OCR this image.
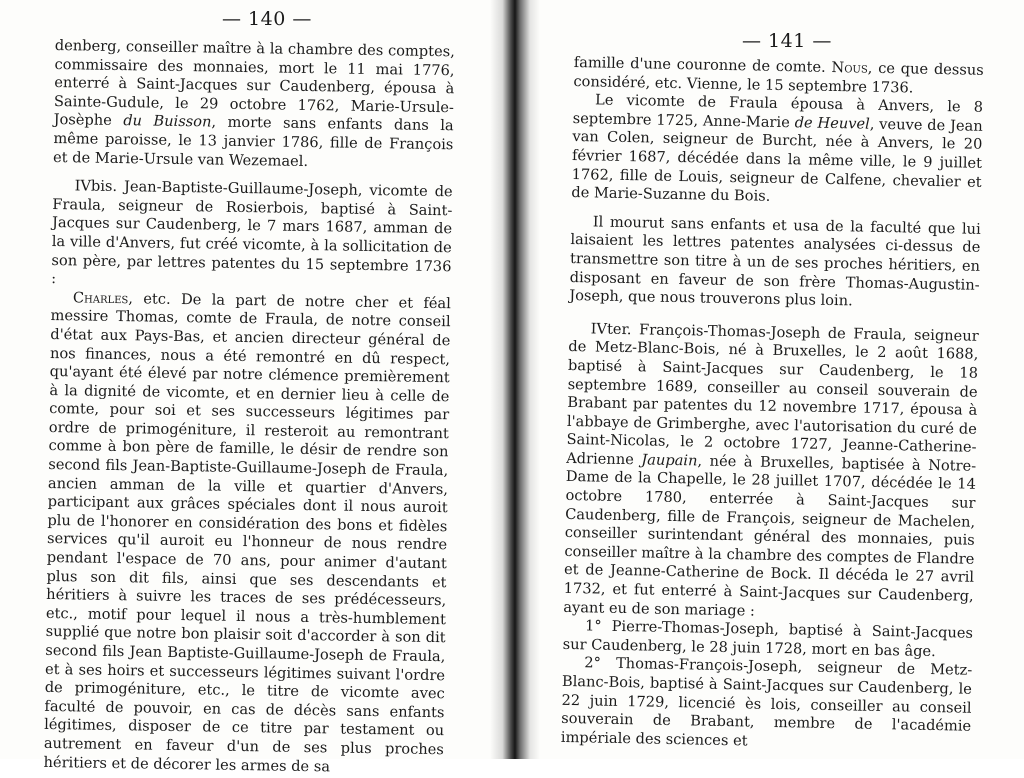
— 140 —

denberg, conseiller maître à la chambre des comptes, commissaire des monnaies, mort le 11 mai 1776, enterré à Saint-Jacques sur Caudenberg, épousa à Sainte-Gudule, le 29 octobre 1762, Marie-Ursule-Josèphe du Buisson, morte sans enfants dans la même paroisse, le 13 janvier 1786, fille de François et de Marie-Ursule van Wezemael.

IVbis. Jean-Baptiste-Guillaume-Joseph, vicomte de Fraula, seigneur de Rosierbois, baptisé à Saint-Jacques sur Caudenberg, le 7 mars 1687, amman de la ville d'Anvers, fut créé vicomte, à la sollicitation de son père, par lettres patentes du 15 septembre 1736 :

Charles, etc. De la part de notre cher et féal messire Thomas, comte de Fraula, de notre conseil d'état aux Pays-Bas, et ancien directeur général de nos finances, nous a été remontré en dû respect, qu'ayant été élevé par notre clémence premièrement à la dignité de vicomte, et en dernier lieu à celle de comte, pour soi et ses successeurs légitimes par ordre de primogéniture, il resteroit au remontrant comme à bon père de famille, le désir de rendre son second fils Jean-Baptiste-Guillaume-Joseph de Fraula, ancien amman de la ville et quartier d'Anvers, participant aux grâces spéciales dont il nous auroit plu de l'honorer en considération des bons et fidèles services qu'il auroit eu l'honneur de nous rendre pendant l'espace de 70 ans, pour animer d'autant plus son dit fils, ainsi que ses descendants et héritiers à suivre les traces de ses prédécesseurs, etc., motif pour lequel il nous a très-humblement supplié que notre bon plaisir soit d'accorder à son dit second fils Jean Baptiste-Guillaume-Joseph de Fraula, et à ses hoirs et successeurs légitimes suivant l'ordre de primogéniture, etc., le titre de vicomte avec faculté de pouvoir, en cas de décès sans enfants légitimes, disposer de ce titre par testament ou autrement en faveur d'un de ses plus proches héritiers et de décorer les armes de sa

— 141 —

famille d'une couronne de comte. Nous, ce que dessus considéré, etc. Vienne, le 15 septembre 1736.

Le vicomte de Fraula épousa à Anvers, le 8 septembre 1725, Anne-Marie de Heuvel, veuve de Jean van Colen, seigneur de Burcht, née à Anvers, le 20 février 1687, décédée dans la même ville, le 9 juillet 1762, fille de Louis, seigneur de Calfene, chevalier et de Marie-Suzanne du Bois.

Il mourut sans enfants et usa de la faculté que lui laisaient les lettres patentes analysées ci-dessus de transmettre son titre à un de ses proches héritiers, en disposant en faveur de son frère Thomas-Augustin-Joseph, que nous trouverons plus loin.

IVter. François-Thomas-Joseph de Fraula, seigneur de Metz-Blanc-Bois, né à Bruxelles, le 2 août 1688, baptisé à Saint-Jacques sur Caudenberg, le 18 septembre 1689, conseiller au conseil souverain de Brabant par patentes du 12 novembre 1717, épousa à l'abbaye de Grimberghe, avec l'autorisation du curé de Saint-Nicolas, le 2 octobre 1727, Jeanne-Catherine-Adrienne Jaupain, née à Bruxelles, baptisée à Notre-Dame de la Chapelle, le 28 juillet 1707, décédée le 14 octobre 1780, enterrée à Saint-Jacques sur Caudenberg, fille de François, seigneur de Machelen, conseiller surintendant général des monnaies, puis conseiller maître à la chambre des comptes de Flandre et de Jeanne-Catherine de Bock. Il décéda le 27 avril 1732, et fut enterré à Saint-Jacques sur Caudenberg, ayant eu de son mariage :

1° Pierre-Thomas-Joseph, baptisé à Saint-Jacques sur Caudenberg, le 28 juin 1728, mort en bas âge.

2° Thomas-François-Joseph, seigneur de Metz-Blanc-Bois, baptisé à Saint-Jacques sur Caudenberg, le 22 juin 1729, licencié ès lois, conseiller au conseil souverain de Brabant, membre de l'académie impériale des sciences et
